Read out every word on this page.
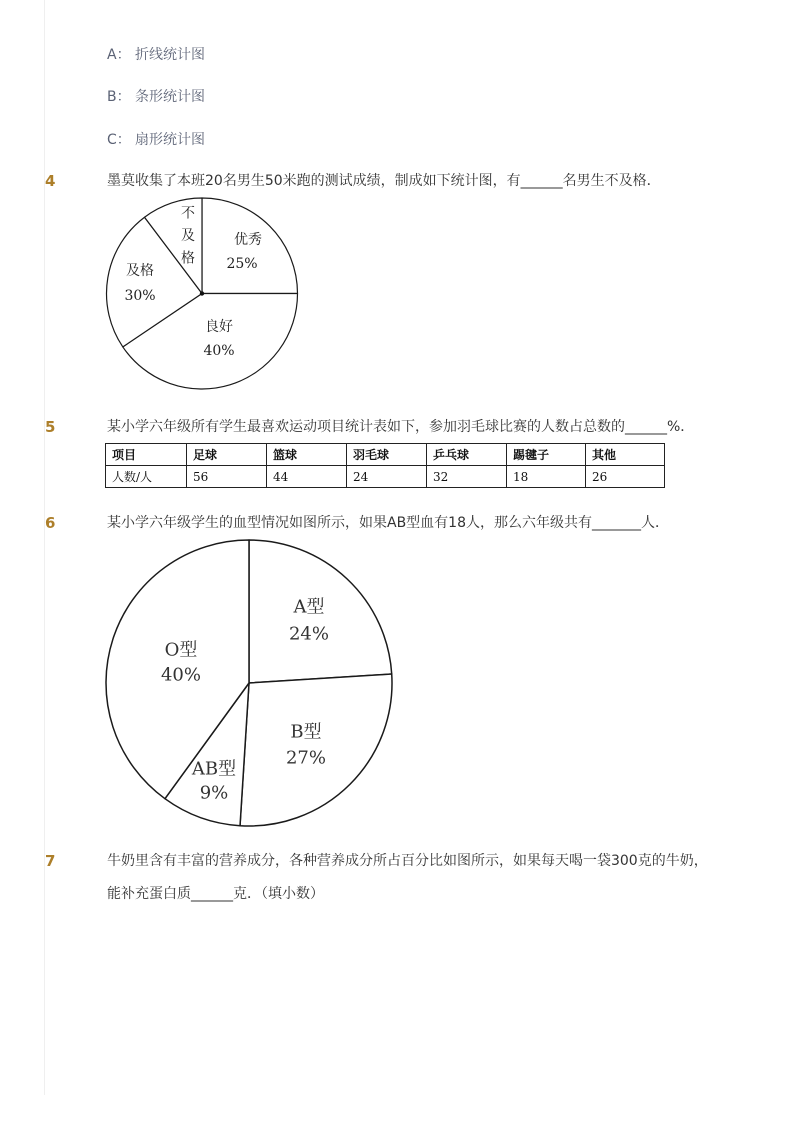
A： 折线统计图
B： 条形统计图
C： 扇形统计图
4	墨莫收集了本班20名男生50米跑的测试成绩，制成如下统计图，有______名男生不及格．
5	某小学六年级所有学生最喜欢运动项目统计表如下，参加羽毛球比赛的人数占总数的______%．
项目	足球	篮球	羽毛球	乒乓球	踢毽子	其他
人数/人	56	44	24	32	18	26
6	某小学六年级学生的血型情况如图所示，如果AB型血有18人，那么六年级共有_______人．
7	牛奶里含有丰富的营养成分，各种营养成分所占百分比如图所示，如果每天喝一袋300克的牛奶，
能补充蛋白质______克．（填小数）
优秀
25%
良好
40%
及格
30%
A型
24%
B型
27%
AB型
9%
O型
40%
不及格
